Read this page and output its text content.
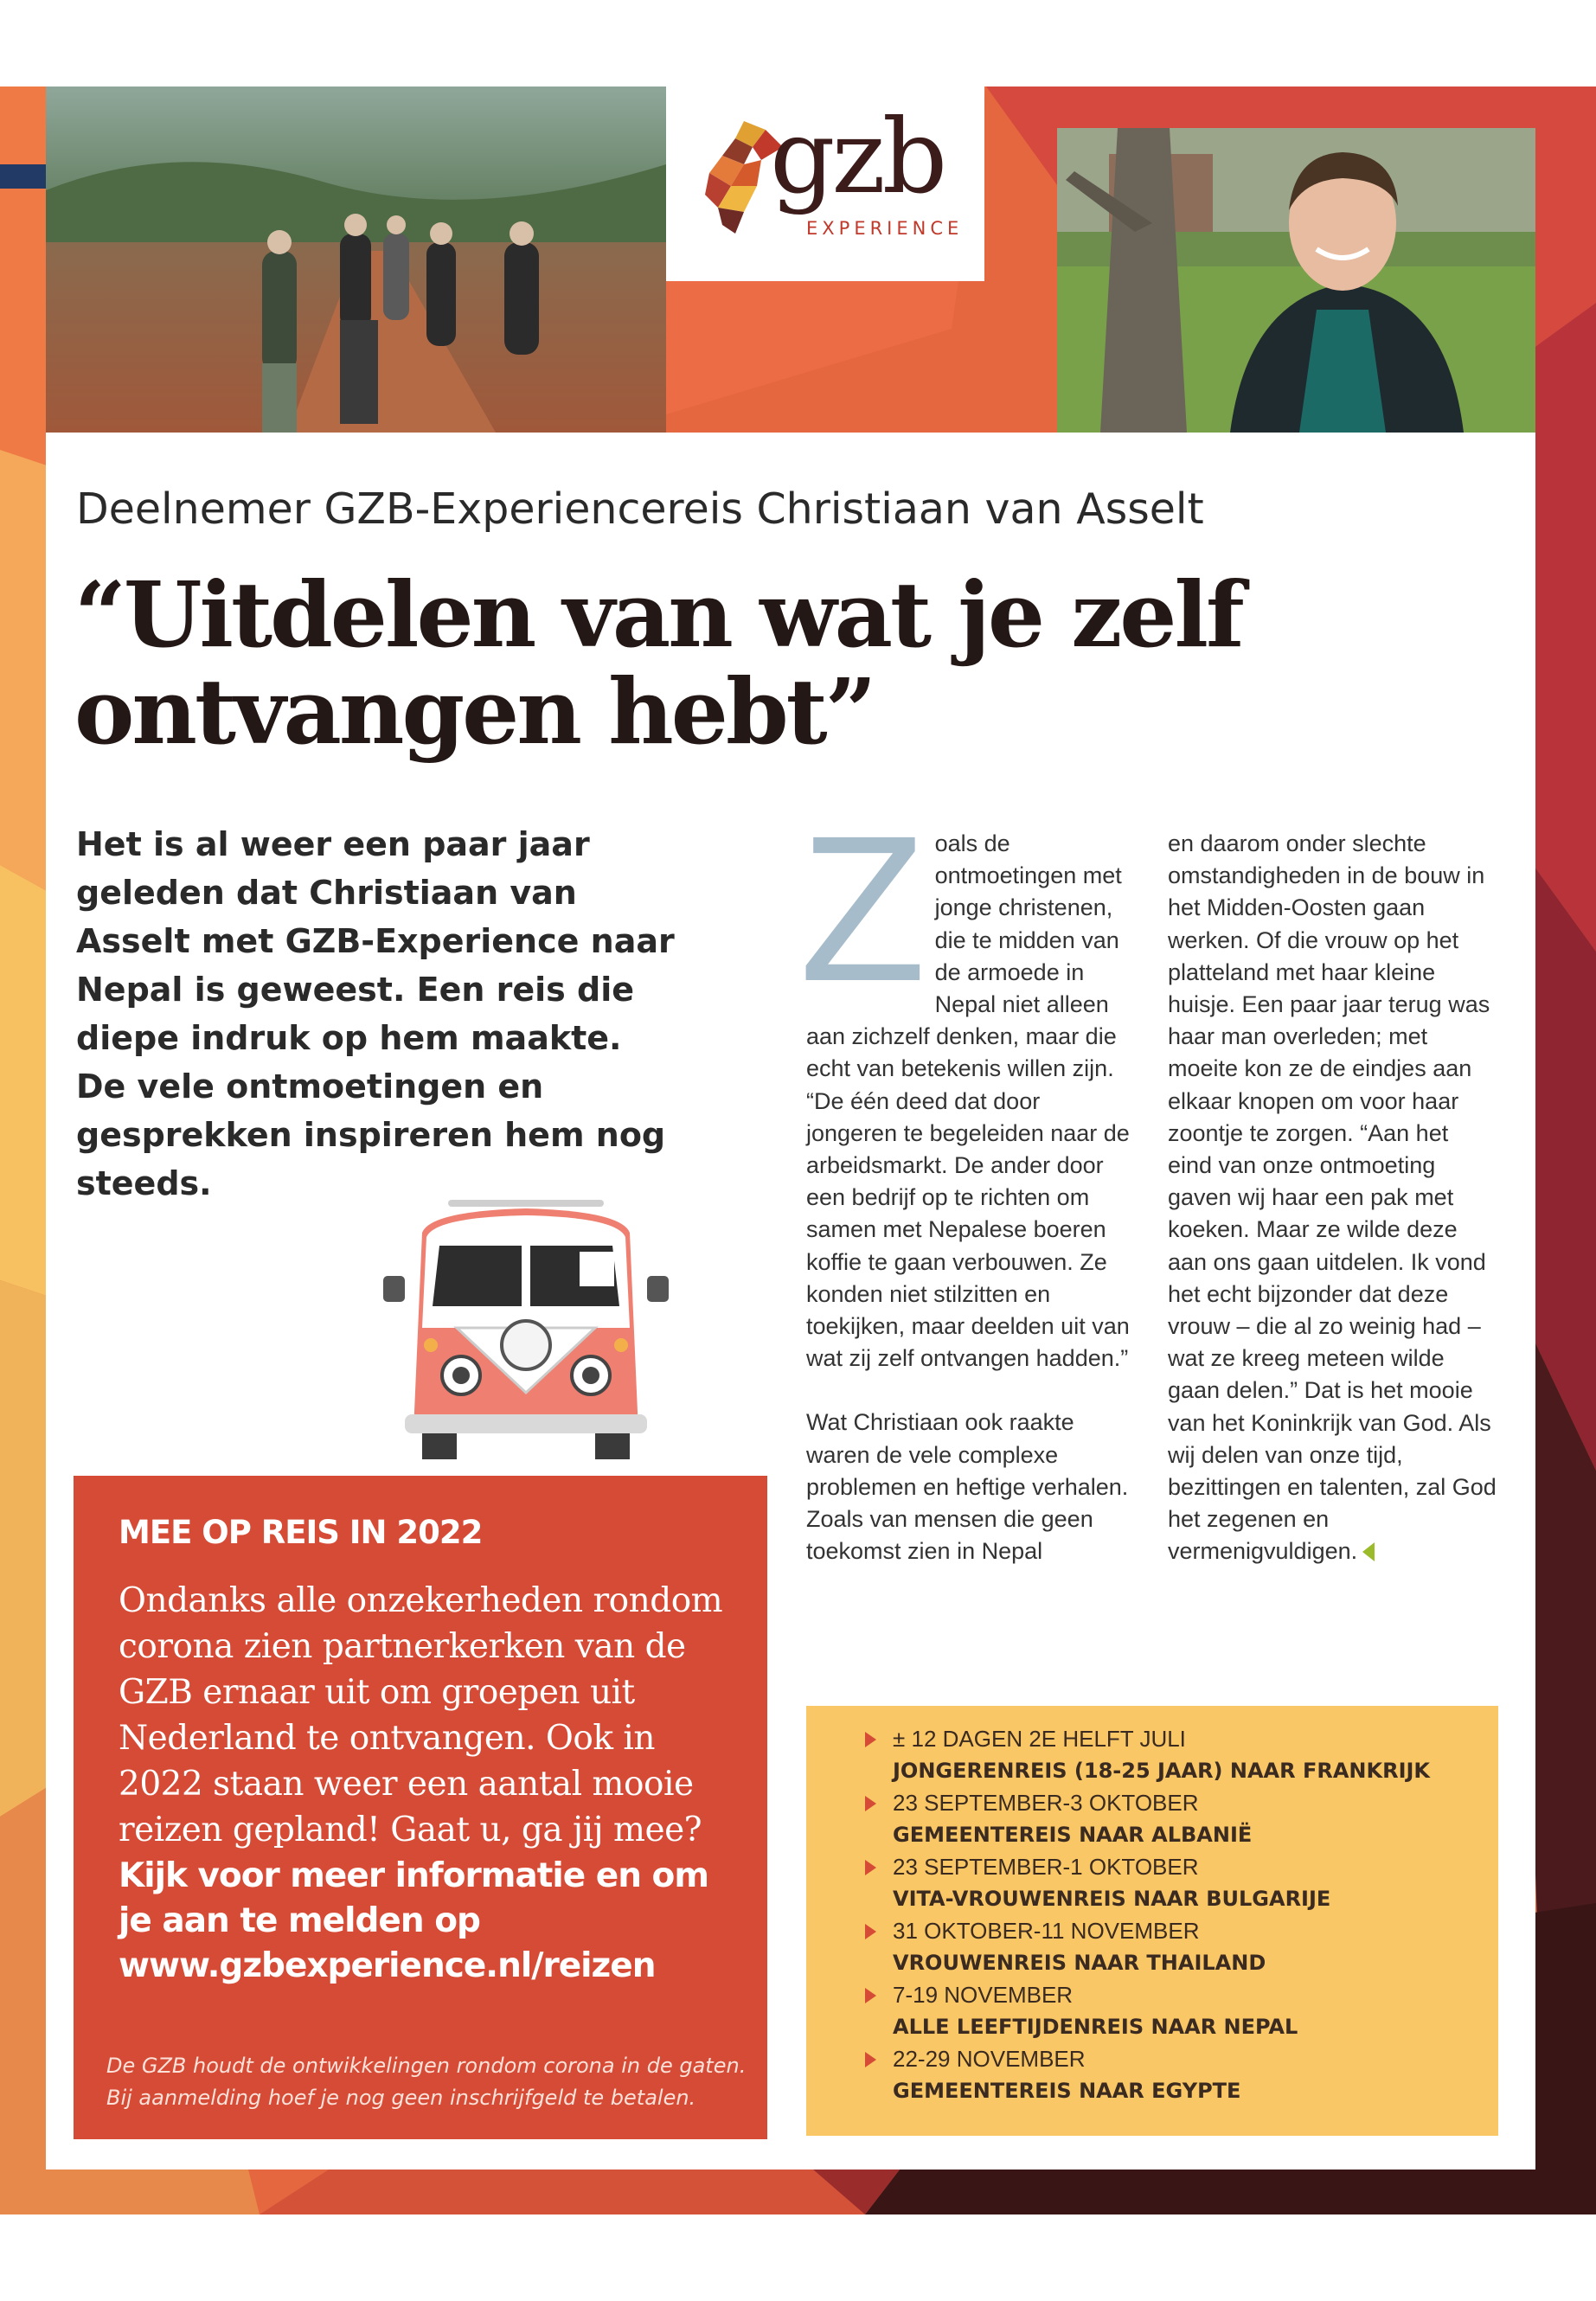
gzb
EXPERIENCE
Deelnemer GZB-Experiencereis Christiaan van Asselt
“Uitdelen van wat je zelf
ontvangen hebt”
Het is al weer een paar jaar geleden dat Christiaan van Asselt met GZB-Experience naar Nepal is geweest. Een reis die diepe indruk op hem maakte. De vele ontmoetingen en gesprekken inspireren hem nog steeds.
Z oals de ontmoetingen met jonge christenen, die te midden van de armoede in Nepal niet alleen aan zichzelf denken, maar die echt van betekenis willen zijn. “De één deed dat door jongeren te begeleiden naar de arbeidsmarkt. De ander door een bedrijf op te richten om samen met Nepalese boeren koffie te gaan verbouwen. Ze konden niet stilzitten en toekijken, maar deelden uit van wat zij zelf ontvangen hadden.”

Wat Christiaan ook raakte waren de vele complexe problemen en heftige verhalen. Zoals van mensen die geen toekomst zien in Nepal

en daarom onder slechte omstandigheden in de bouw in het Midden-Oosten gaan werken. Of die vrouw op het platteland met haar kleine huisje. Een paar jaar terug was haar man overleden; met moeite kon ze de eindjes aan elkaar knopen om voor haar zoontje te zorgen. “Aan het eind van onze ontmoeting gaven wij haar een pak met koeken. Maar ze wilde deze aan ons gaan uitdelen. Ik vond het echt bijzonder dat deze vrouw – die al zo weinig had – wat ze kreeg meteen wilde gaan delen.” Dat is het mooie van het Koninkrijk van God. Als wij delen van onze tijd, bezittingen en talenten, zal God het zegenen en vermenigvuldigen.

MEE OP REIS IN 2022
Ondanks alle onzekerheden rondom corona zien partnerkerken van de GZB ernaar uit om groepen uit Nederland te ontvangen. Ook in 2022 staan weer een aantal mooie reizen gepland! Gaat u, ga jij mee?
Kijk voor meer informatie en om je aan te melden op www.gzbexperience.nl/reizen
De GZB houdt de ontwikkelingen rondom corona in de gaten. Bij aanmelding hoef je nog geen inschrijfgeld te betalen.
± 12 DAGEN 2E HELFT JULI
JONGERENREIS (18-25 JAAR) NAAR FRANKRIJK
23 SEPTEMBER-3 OKTOBER
GEMEENTEREIS NAAR ALBANIË
23 SEPTEMBER-1 OKTOBER
VITA-VROUWENREIS NAAR BULGARIJE
31 OKTOBER-11 NOVEMBER
VROUWENREIS NAAR THAILAND
7-19 NOVEMBER
ALLE LEEFTIJDENREIS NAAR NEPAL
22-29 NOVEMBER
GEMEENTEREIS NAAR EGYPTE
